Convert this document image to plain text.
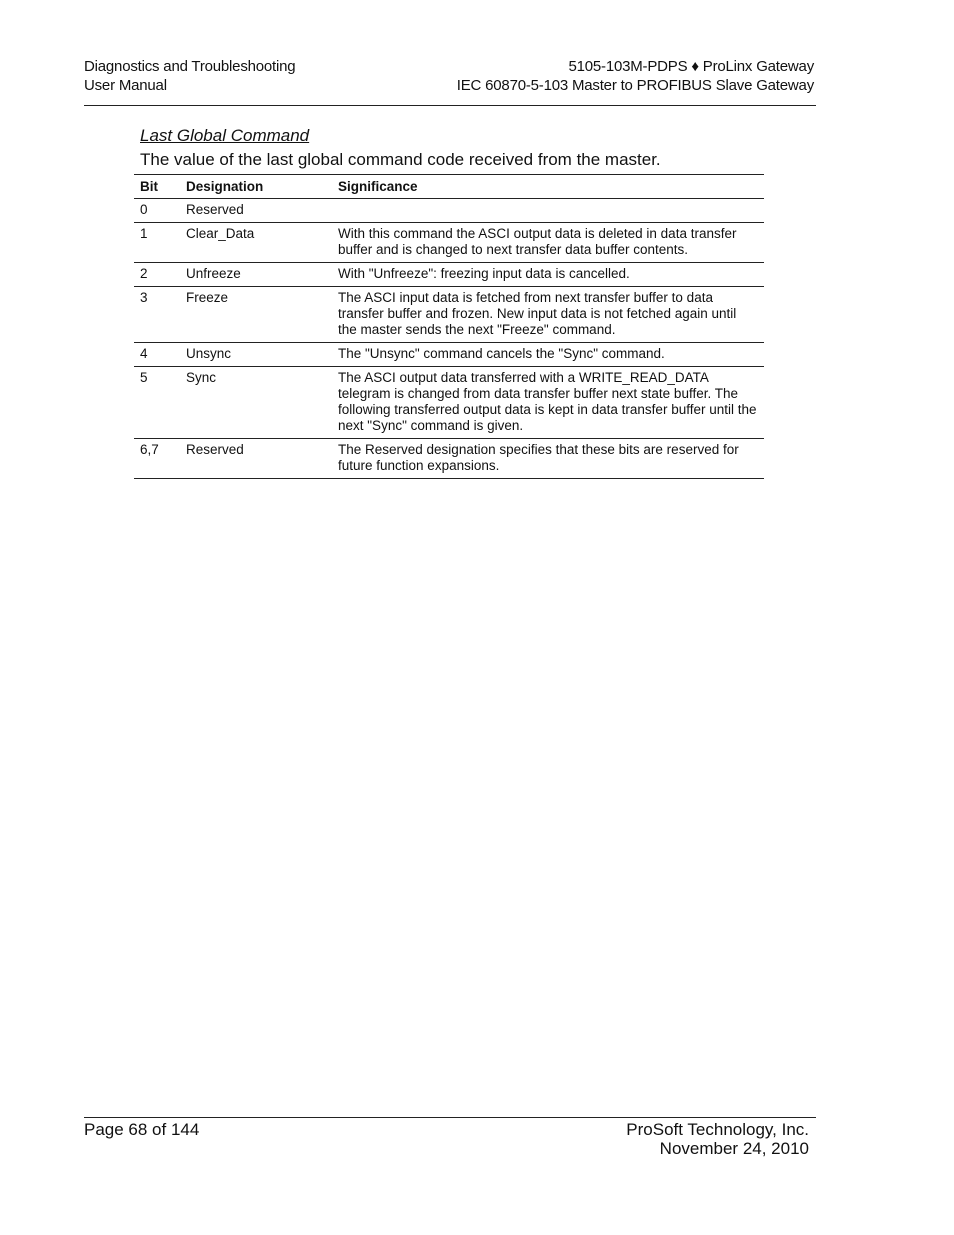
Diagnostics and Troubleshooting
User Manual
5105-103M-PDPS ♦ ProLinx Gateway
IEC 60870-5-103 Master to PROFIBUS Slave Gateway
Last Global Command
The value of the last global command code received from the master.
Bit	Designation	Significance
0	Reserved	
1	Clear_Data	With this command the ASCI output data is deleted in data transfer buffer and is changed to next transfer data buffer contents.
2	Unfreeze	With "Unfreeze": freezing input data is cancelled.
3	Freeze	The ASCI input data is fetched from next transfer buffer to data transfer buffer and frozen. New input data is not fetched again until the master sends the next "Freeze" command.
4	Unsync	The "Unsync" command cancels the "Sync" command.
5	Sync	The ASCI output data transferred with a WRITE_READ_DATA telegram is changed from data transfer buffer next state buffer. The following transferred output data is kept in data transfer buffer until the next "Sync" command is given.
6,7	Reserved	The Reserved designation specifies that these bits are reserved for future function expansions.
Page 68 of 144	ProSoft Technology, Inc.
November 24, 2010
